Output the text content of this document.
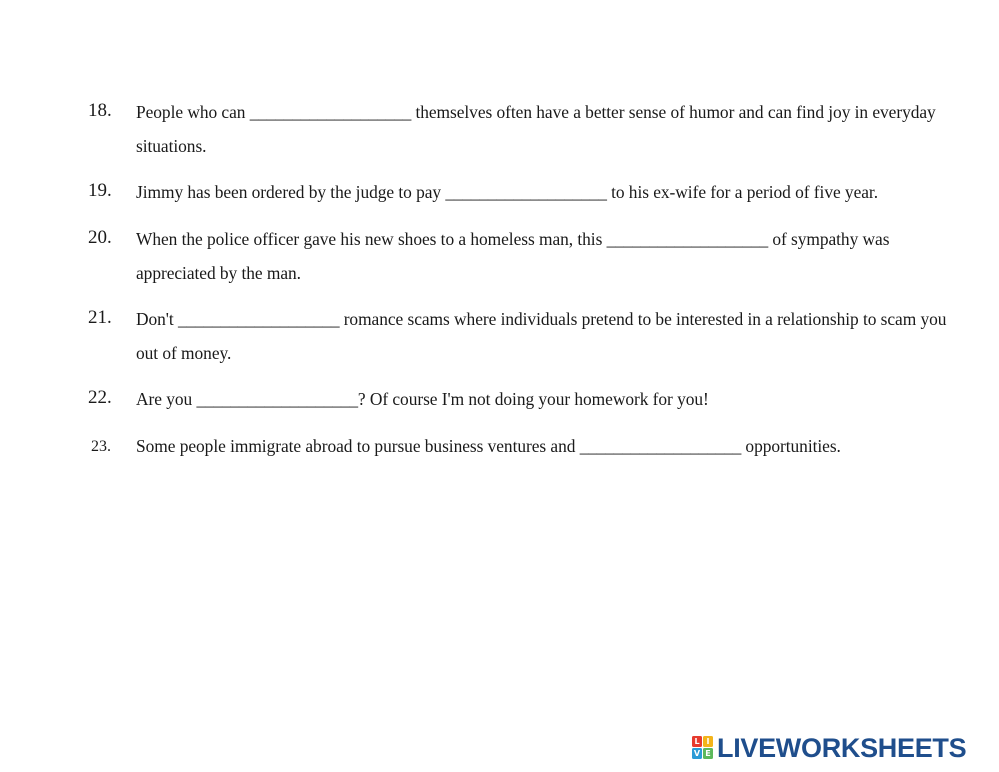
18. People who can ___________________ themselves often have a better sense of humor and can find joy in everyday situations.
19. Jimmy has been ordered by the judge to pay ___________________ to his ex-wife for a period of five year.
20. When the police officer gave his new shoes to a homeless man, this ___________________ of sympathy was appreciated by the man.
21. Don't ___________________ romance scams where individuals pretend to be interested in a relationship to scam you out of money.
22. Are you ___________________? Of course I'm not doing your homework for you!
23. Some people immigrate abroad to pursue business ventures and ___________________ opportunities.
L I
V E LIVEWORKSHEETS
